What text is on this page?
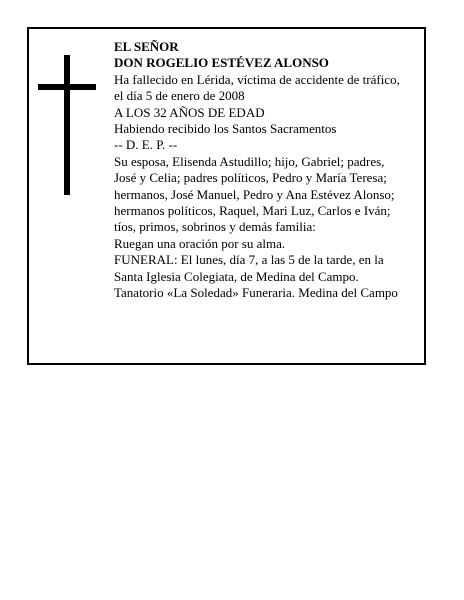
EL SEÑOR

DON ROGELIO ESTÉVEZ ALONSO

Ha fallecido en Lérida, víctima de accidente de tráfico,
el día 5 de enero de 2008

A LOS 32 AÑOS DE EDAD

Habiendo recibido los Santos Sacramentos

-- D. E. P. --

Su esposa, Elisenda Astudillo; hijo, Gabriel; padres,
José y Celia; padres políticos, Pedro y María Teresa;
hermanos, José Manuel, Pedro y Ana Estévez Alonso;
hermanos políticos, Raquel, Mari Luz, Carlos e Iván;
tíos, primos, sobrinos y demás familia:

Ruegan una oración por su alma.

FUNERAL: El lunes, día 7, a las 5 de la tarde, en la
Santa Iglesia Colegiata, de Medina del Campo.

Tanatorio «La Soledad» Funeraria. Medina del Campo
